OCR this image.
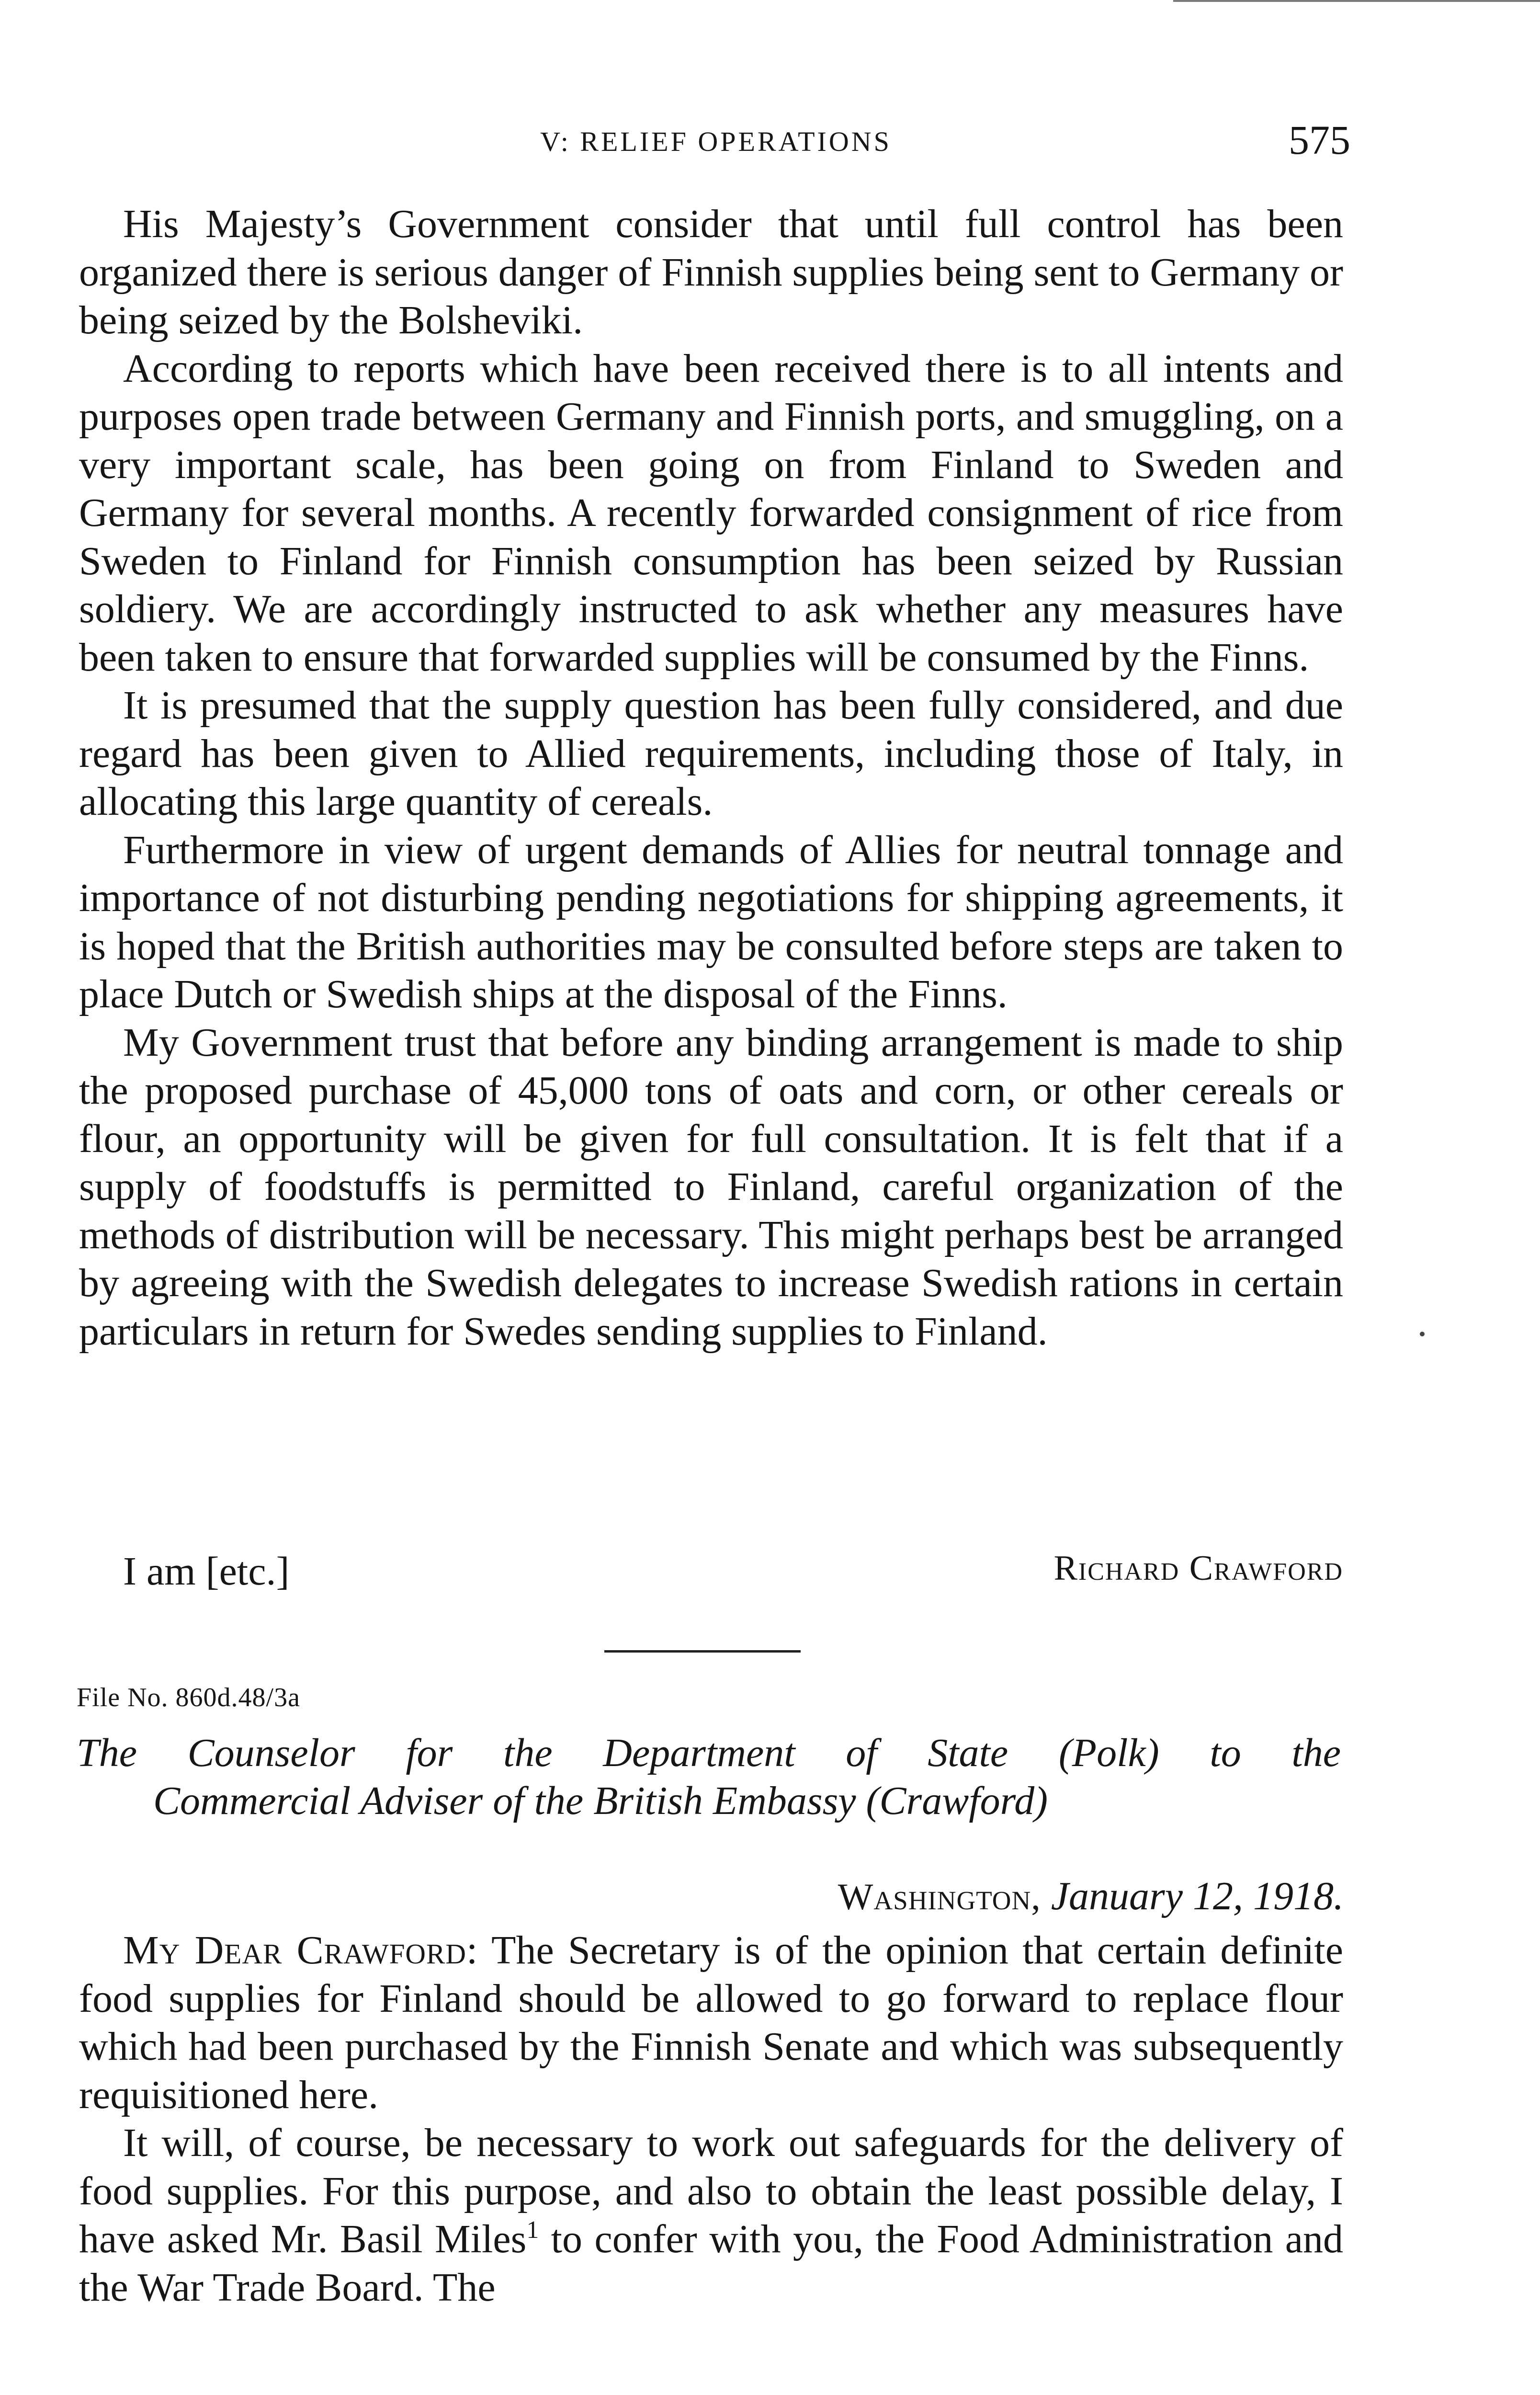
V: RELIEF OPERATIONS	575

His Majesty’s Government consider that until full control has been organized there is serious danger of Finnish supplies being sent to Germany or being seized by the Bolsheviki.

According to reports which have been received there is to all intents and purposes open trade between Germany and Finnish ports, and smuggling, on a very important scale, has been going on from Finland to Sweden and Germany for several months. A recently forwarded consignment of rice from Sweden to Finland for Finnish consumption has been seized by Russian soldiery. We are accordingly instructed to ask whether any measures have been taken to ensure that forwarded supplies will be consumed by the Finns.

It is presumed that the supply question has been fully considered, and due regard has been given to Allied requirements, including those of Italy, in allocating this large quantity of cereals.

Furthermore in view of urgent demands of Allies for neutral tonnage and importance of not disturbing pending negotiations for shipping agreements, it is hoped that the British authorities may be consulted before steps are taken to place Dutch or Swedish ships at the disposal of the Finns.

My Government trust that before any binding arrangement is made to ship the proposed purchase of 45,000 tons of oats and corn, or other cereals or flour, an opportunity will be given for full consultation. It is felt that if a supply of foodstuffs is permitted to Finland, careful organization of the methods of distribution will be necessary. This might perhaps best be arranged by agreeing with the Swedish delegates to increase Swedish rations in certain particulars in return for Swedes sending supplies to Finland.

I am [etc.]	Richard Crawford
File No. 860d.48/3a
The Counselor for the Department of State (Polk) to the
Commercial Adviser of the British Embassy (Crawford)
Washington, January 12, 1918.

My Dear Crawford: The Secretary is of the opinion that certain definite food supplies for Finland should be allowed to go forward to replace flour which had been purchased by the Finnish Senate and which was subsequently requisitioned here.

It will, of course, be necessary to work out safeguards for the delivery of food supplies. For this purpose, and also to obtain the least possible delay, I have asked Mr. Basil Miles$^1$ to confer with you, the Food Administration and the War Trade Board. The
